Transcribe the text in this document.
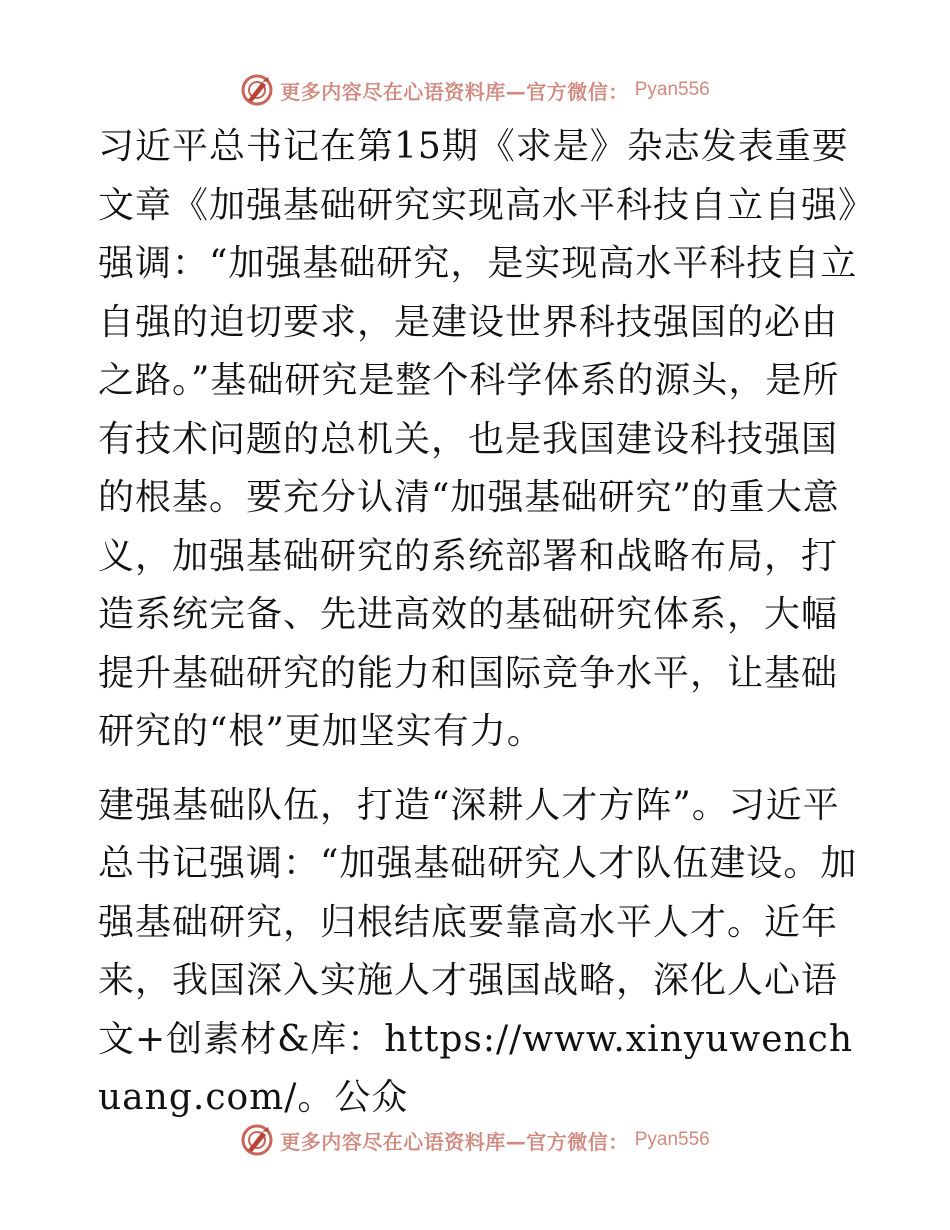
更多内容尽在心语资料库—官方微信： Pyan556

习近平总书记在第15期《求是》杂志发表重要文章《加强基础研究实现高水平科技自立自强》强调：“加强基础研究，是实现高水平科技自立自强的迫切要求，是建设世界科技强国的必由之路。”基础研究是整个科学体系的源头，是所有技术问题的总机关，也是我国建设科技强国的根基。要充分认清“加强基础研究”的重大意义，加强基础研究的系统部署和战略布局，打造系统完备、先进高效的基础研究体系，大幅提升基础研究的能力和国际竞争水平，让基础研究的“根”更加坚实有力。

建强基础队伍，打造“深耕人才方阵”。习近平总书记强调：“加强基础研究人才队伍建设。加强基础研究，归根结底要靠高水平人才。近年来，我国深入实施人才强国战略，深化人心语文+创素材&库：https://www.xinyuwenchuang.com/。公众

更多内容尽在心语资料库—官方微信： Pyan556
